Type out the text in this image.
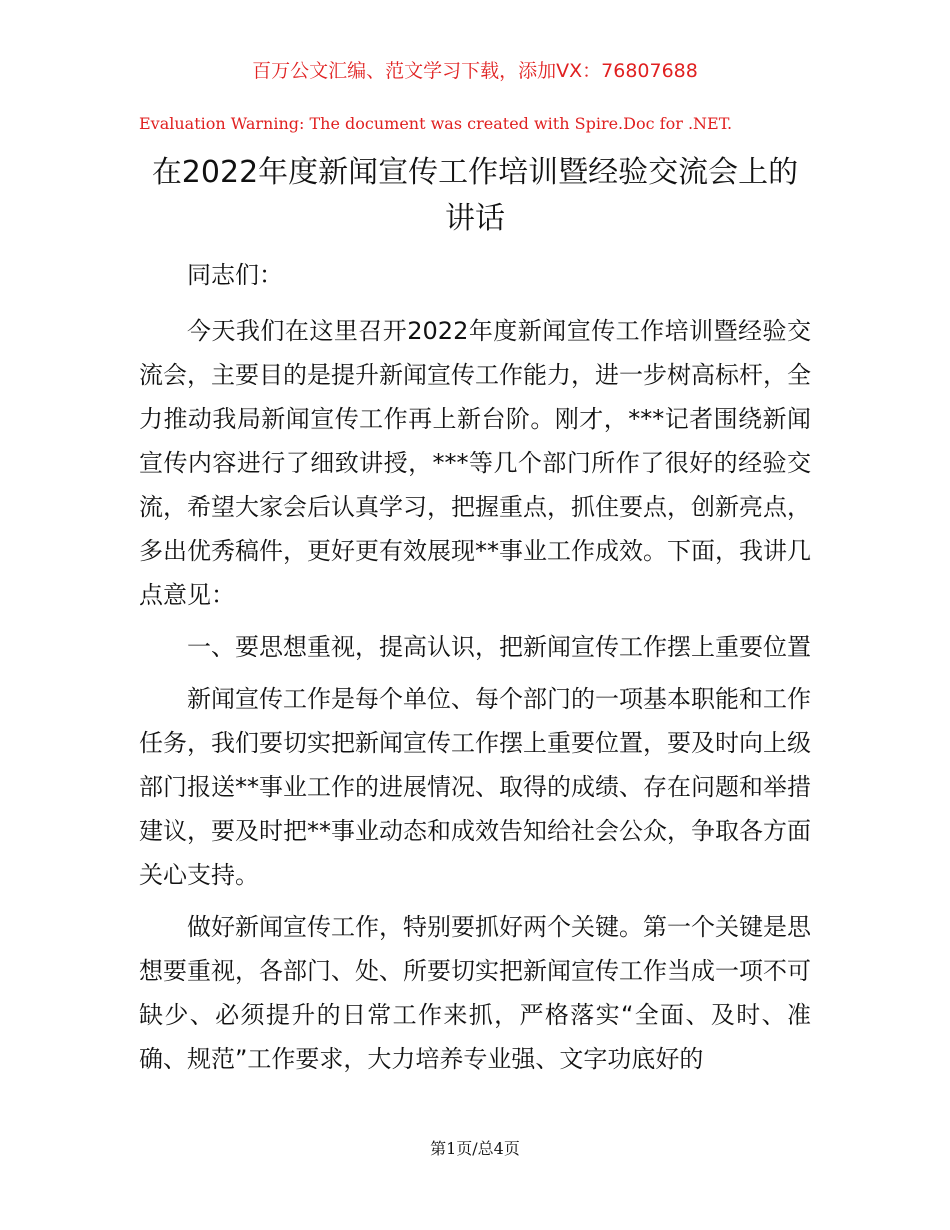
百万公文汇编、范文学习下载，添加VX：76807688
Evaluation Warning: The document was created with Spire.Doc for .NET.
在2022年度新闻宣传工作培训暨经验交流会上的讲话

同志们：

今天我们在这里召开2022年度新闻宣传工作培训暨经验交流会，主要目的是提升新闻宣传工作能力，进一步树高标杆，全力推动我局新闻宣传工作再上新台阶。刚才，***记者围绕新闻宣传内容进行了细致讲授，***等几个部门所作了很好的经验交流，希望大家会后认真学习，把握重点，抓住要点，创新亮点，多出优秀稿件，更好更有效展现**事业工作成效。下面，我讲几点意见：

一、要思想重视，提高认识，把新闻宣传工作摆上重要位置

新闻宣传工作是每个单位、每个部门的一项基本职能和工作任务，我们要切实把新闻宣传工作摆上重要位置，要及时向上级部门报送**事业工作的进展情况、取得的成绩、存在问题和举措建议，要及时把**事业动态和成效告知给社会公众，争取各方面关心支持。

做好新闻宣传工作，特别要抓好两个关键。第一个关键是思想要重视，各部门、处、所要切实把新闻宣传工作当成一项不可缺少、必须提升的日常工作来抓，严格落实“全面、及时、准确、规范”工作要求，大力培养专业强、文字功底好的

第1页/总4页
